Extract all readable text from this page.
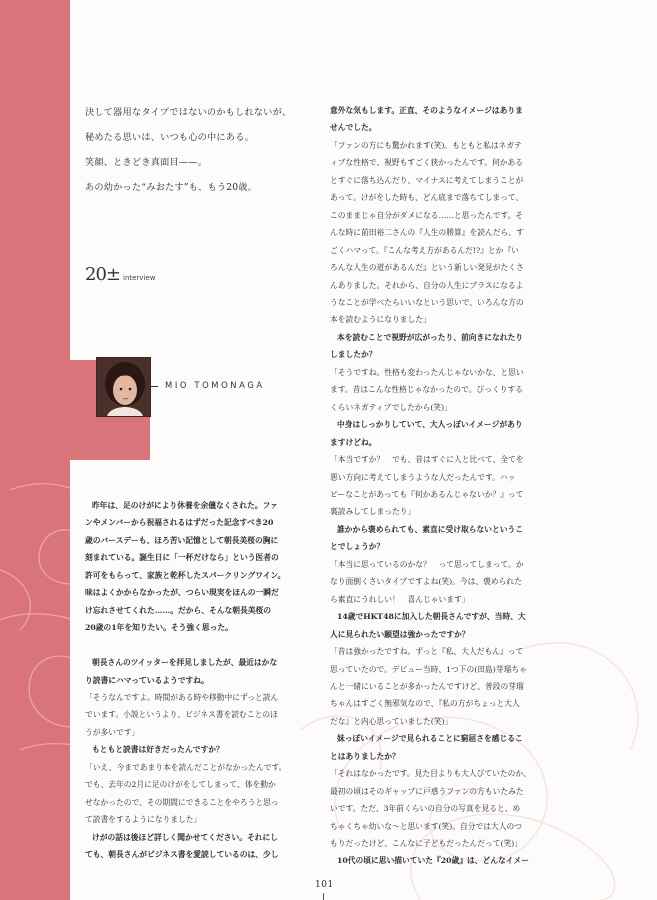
決して器用なタイプではないのかもしれないが、
秘めたる思いは、いつも心の中にある。
笑顔、ときどき真面目——。
あの幼かった“みおたす”も、もう20歳。
20± interview
MIO TOMONAGA

昨年は、足のけがにより休養を余儀なくされた。ファ

ンやメンバーから祝福されるはずだった記念すべき20

歳のバースデーも、ほろ苦い記憶として朝長美桜の胸に

刻まれている。誕生日に「一杯だけなら」という医者の

許可をもらって、家族と乾杯したスパークリングワイン。

味はよくかからなかったが、つらい現実をほんの一瞬だ

け忘れさせてくれた……。だから、そんな朝長美桜の

20歳の1年を知りたい。そう強く思った。

朝長さんのツイッターを拝見しましたが、最近はかな

り読書にハマっているようですね。

「そうなんですよ。時間がある時や移動中にずっと読ん

でいます。小説というより、ビジネス書を読むことのほ

うが多いです」

もともと読書は好きだったんですか？

「いえ、今まであまり本を読んだことがなかったんです。

でも、去年の2月に足のけがをしてしまって、体を動か

せなかったので、その期間にできることをやろうと思っ

て読書をするようになりました」

けがの話は後ほど詳しく聞かせてください。それにし

ても、朝長さんがビジネス書を愛読しているのは、少し

意外な気もします。正直、そのようなイメージはありま

せんでした。

「ファンの方にも驚かれます(笑)。もともと私はネガテ

ィブな性格で、視野もすごく狭かったんです。何かある

とすぐに落ち込んだり、マイナスに考えてしまうことが

あって。けがをした時も、どん底まで落ちてしまって、

このままじゃ自分がダメになる……と思ったんです。そ

んな時に前田裕二さんの『人生の勝算』を読んだら、す

ごくハマって。『こんな考え方があるんだ!?』とか『い

ろんな人生の道があるんだ』という新しい発見がたくさ

んありました。それから、自分の人生にプラスになるよ

うなことが学べたらいいなという思いで、いろんな方の

本を読むようになりました」

本を読むことで視野が広がったり、前向きになれたり

しましたか？

「そうですね。性格も変わったんじゃないかな、と思い

ます。昔はこんな性格じゃなかったので。びっくりする

くらいネガティブでしたから(笑)」

中身はしっかりしていて、大人っぽいイメージがあり

ますけどね。

「本当ですか？　でも、昔はすぐに人と比べて、全てを

悪い方向に考えてしまうような人だったんです。ハッ

ピーなことがあっても『何かあるんじゃないか？』って

裏読みしてしまったり」

誰かから褒められても、素直に受け取らないというこ

とでしょうか？

「本当に思っているのかな？　って思ってしまって。か

なり面倒くさいタイプですよね(笑)。今は、褒められた

ら素直にうれしい！　喜んじゃいます」

14歳でHKT48に加入した朝長さんですが、当時、大

人に見られたい願望は強かったですか？

「昔は強かったですね。ずっと『私、大人だもん』って

思っていたので。デビュー当時、1つ下の(田島)芽瑠ちゃ

んと一緒にいることが多かったんですけど、普段の芽瑠

ちゃんはすごく無邪気なので、『私の方がちょっと大人

だな』と内心思っていました(笑)」

妹っぽいイメージで見られることに窮屈さを感じるこ

とはありましたか？

「それはなかったです。見た目よりも大人びていたのか、

最初の頃はそのギャップに戸惑うファンの方もいたみた

いです。ただ、3年前くらいの自分の写真を見ると、め

ちゃくちゃ幼いな～と思います(笑)。自分では大人のつ

もりだったけど、こんなに子どもだったんだって(笑)」

10代の頃に思い描いていた『20歳』は、どんなイメー

101
